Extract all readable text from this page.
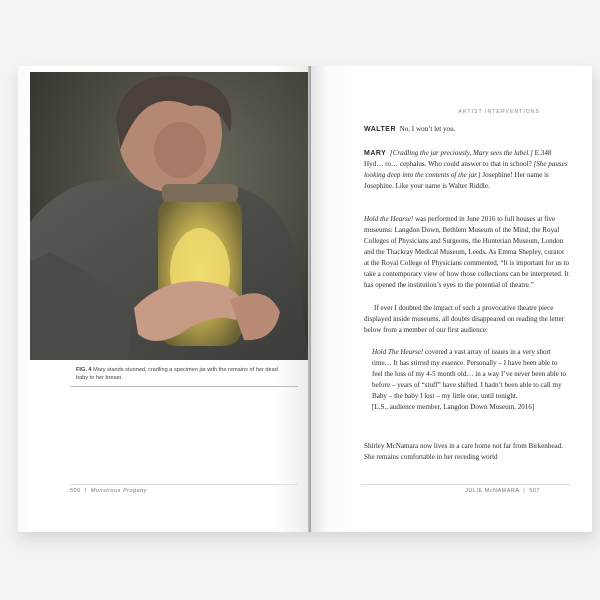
FIG. 4 Mary stands stunned, cradling a specimen jar with the remains of her dead baby to her breast.
506  |  Monstrous Progeny
ARTIST INTERVENTIONS
WALTER No, I won’t let you.
MARY [Cradling the jar preciously, Mary sees the label.] E.348 Hyd… ro… cephalus. Who could answer to that in school? [She pauses looking deep into the contents of the jar.] Josephine! Her name is Josephine. Like your name is Walter Riddle.
Hold the Hearse! was performed in June 2016 to full houses at five museums: Langdon Down, Bethlem Museum of the Mind, the Royal Colleges of Physicians and Surgeons, the Hunterian Museum, London and the Thackray Medical Museum, Leeds. As Emma Shepley, curator at the Royal College of Physicians commented, “It is important for us to take a contemporary view of how those collections can be interpreted. It has opened the institution’s eyes to the potential of theatre.”
If ever I doubted the impact of such a provocative theatre piece displayed inside museums, all doubts disappeared on reading the letter below from a member of our first audience:
Hold The Hearse! covered a vast array of issues in a very short time… It has stirred my essence. Personally – I have been able to feel the loss of my 4-5 month old… in a way I’ve never been able to before – years of “stuff” have shifted. I hadn’t been able to call my Baby – the baby I lost – my little one, until tonight.
[L.S., audience member, Langdon Down Museum, 2016]
Shirley McNamara now lives in a care home not far from Birkenhead. She remains comfortable in her receding world
JULIE McNAMARA  |  507
